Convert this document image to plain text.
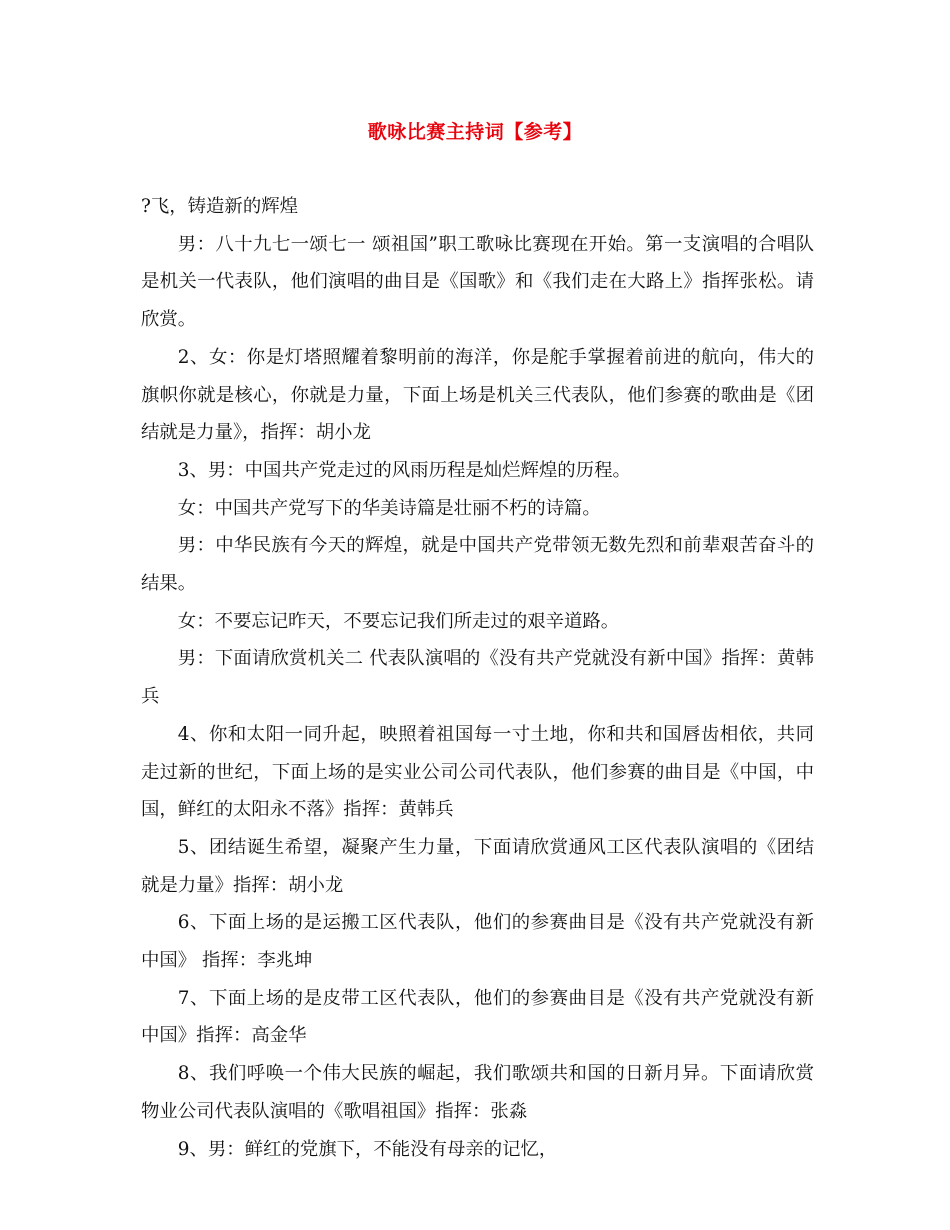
歌咏比赛主持词【参考】

?飞，铸造新的辉煌

男：八十九七一颂七一 颂祖国”职工歌咏比赛现在开始。第一支演唱的合唱队是机关一代表队，他们演唱的曲目是《国歌》和《我们走在大路上》指挥张松。请欣赏。

2、女：你是灯塔照耀着黎明前的海洋，你是舵手掌握着前进的航向，伟大的旗帜你就是核心，你就是力量，下面上场是机关三代表队，他们参赛的歌曲是《团结就是力量》，指挥：胡小龙

3、男：中国共产党走过的风雨历程是灿烂辉煌的历程。

女：中国共产党写下的华美诗篇是壮丽不朽的诗篇。

男：中华民族有今天的辉煌，就是中国共产党带领无数先烈和前辈艰苦奋斗的结果。

女：不要忘记昨天，不要忘记我们所走过的艰辛道路。

男：下面请欣赏机关二 代表队演唱的《没有共产党就没有新中国》指挥：黄韩兵

4、你和太阳一同升起，映照着祖国每一寸土地，你和共和国唇齿相依，共同走过新的世纪，下面上场的是实业公司公司代表队，他们参赛的曲目是《中国，中国，鲜红的太阳永不落》指挥：黄韩兵

5、团结诞生希望，凝聚产生力量，下面请欣赏通风工区代表队演唱的《团结就是力量》指挥：胡小龙

6、下面上场的是运搬工区代表队，他们的参赛曲目是《没有共产党就没有新中国》 指挥：李兆坤

7、下面上场的是皮带工区代表队，他们的参赛曲目是《没有共产党就没有新中国》指挥：高金华

8、我们呼唤一个伟大民族的崛起，我们歌颂共和国的日新月异。下面请欣赏物业公司代表队演唱的《歌唱祖国》指挥：张淼

9、男：鲜红的党旗下，不能没有母亲的记忆，
